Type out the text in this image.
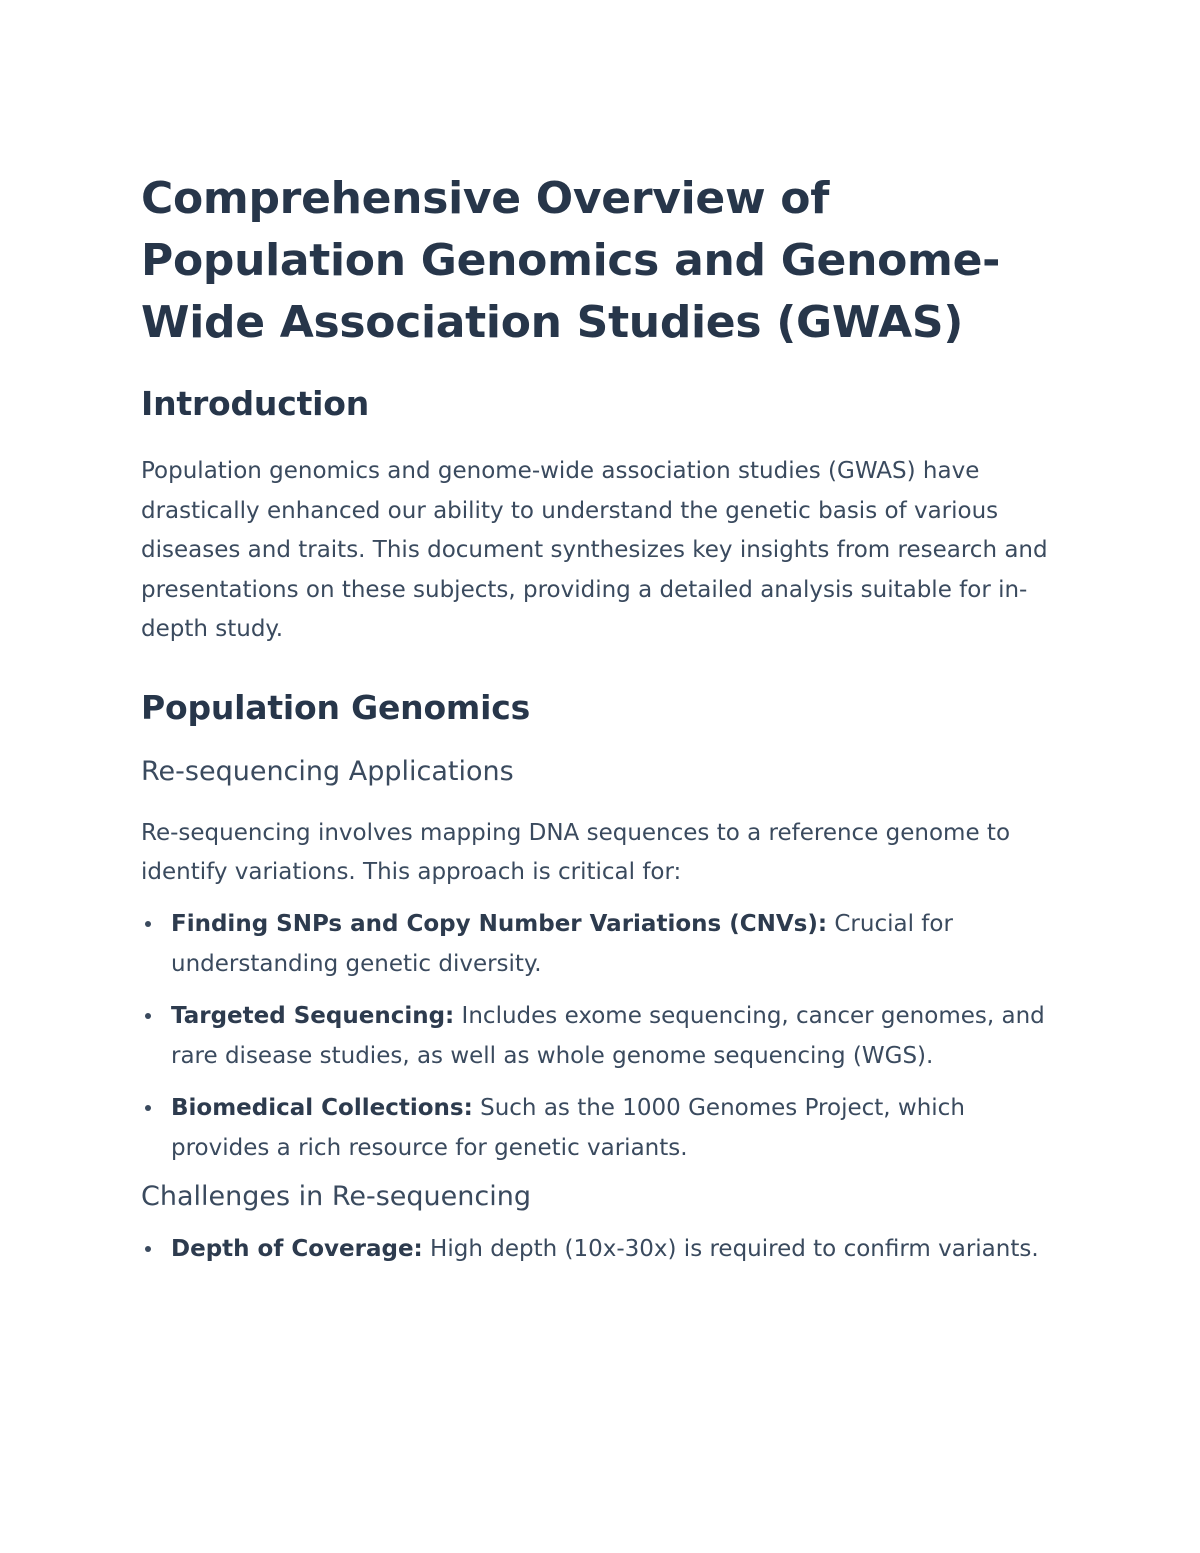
Comprehensive Overview of Population Genomics and Genome-Wide Association Studies (GWAS)
Introduction

Population genomics and genome-wide association studies (GWAS) have drastically enhanced our ability to understand the genetic basis of various diseases and traits. This document synthesizes key insights from research and presentations on these subjects, providing a detailed analysis suitable for in-depth study.

Population Genomics
Re-sequencing Applications

Re-sequencing involves mapping DNA sequences to a reference genome to identify variations. This approach is critical for:

Finding SNPs and Copy Number Variations (CNVs): Crucial for understanding genetic diversity.
Targeted Sequencing: Includes exome sequencing, cancer genomes, and rare disease studies, as well as whole genome sequencing (WGS).
Biomedical Collections: Such as the 1000 Genomes Project, which provides a rich resource for genetic variants.
Challenges in Re-sequencing
Depth of Coverage: High depth (10x-30x) is required to confirm variants.
